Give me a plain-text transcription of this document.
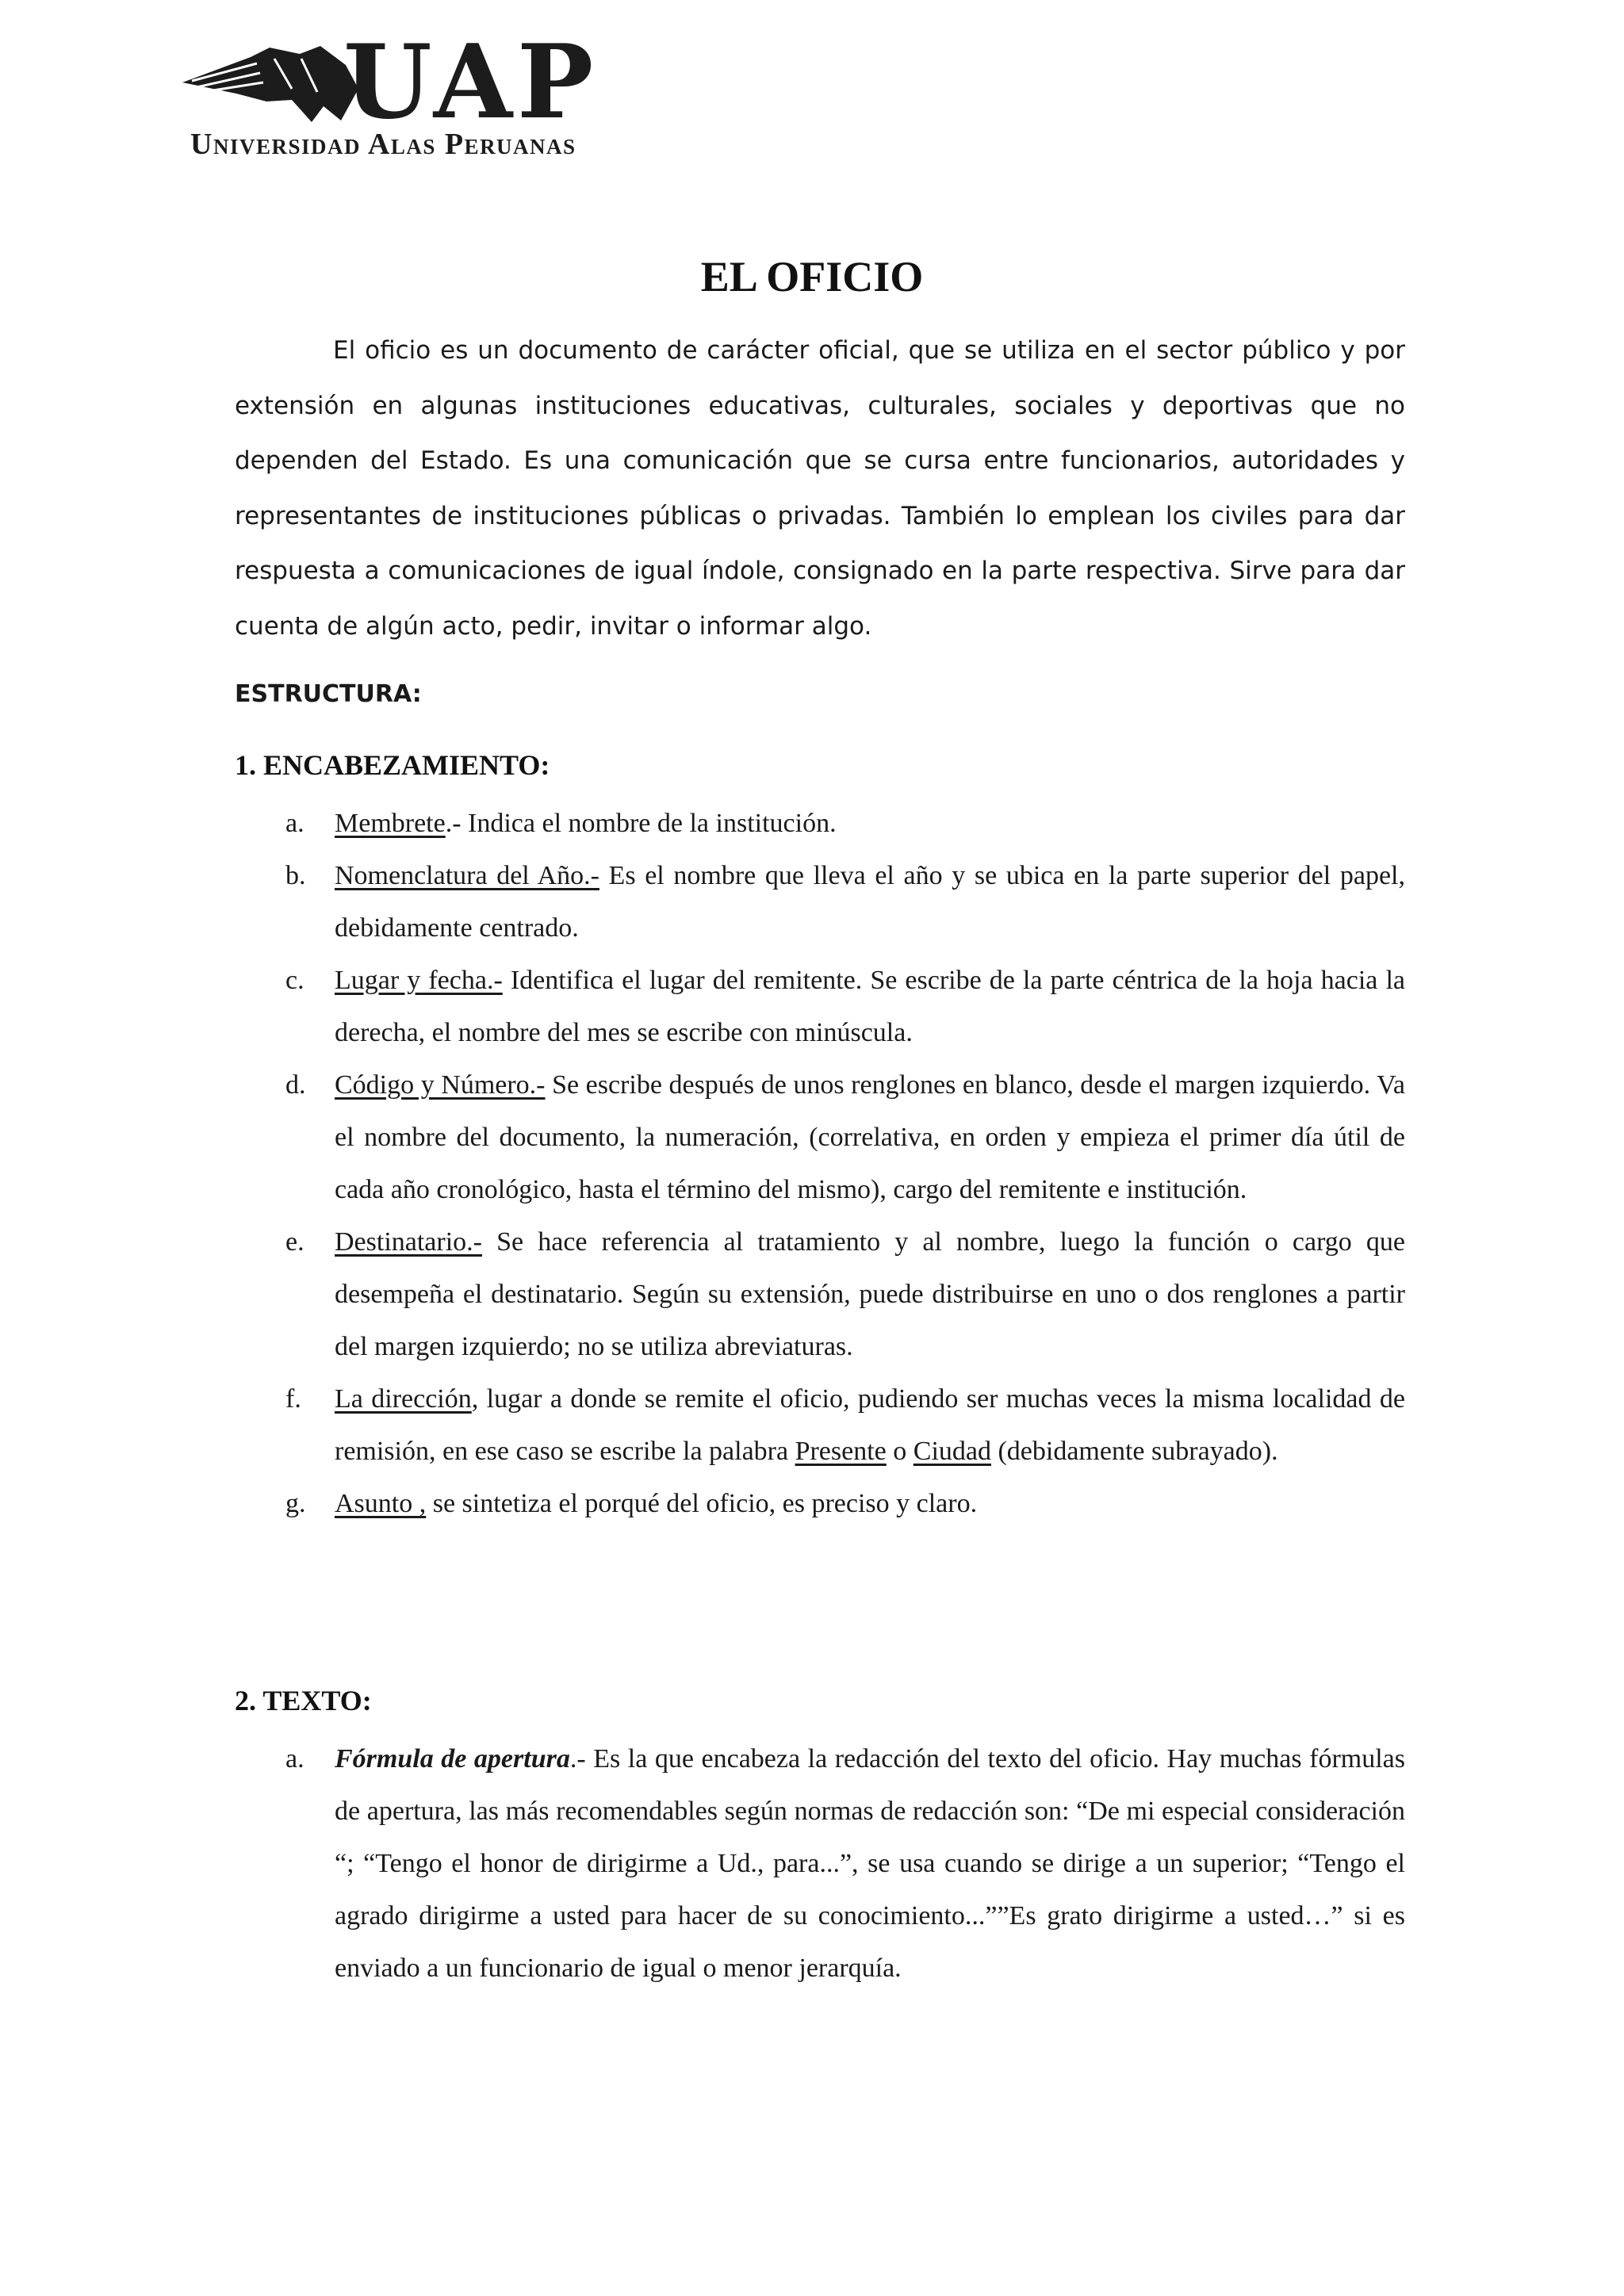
UAP
Universidad Alas Peruanas
EL OFICIO

El oficio es un documento de carácter oficial, que se utiliza en el sector público y por extensión en algunas instituciones educativas, culturales, sociales y deportivas que no dependen del Estado. Es una comunicación que se cursa entre funcionarios, autoridades y representantes de instituciones públicas o privadas. También lo emplean los civiles para dar respuesta a comunicaciones de igual índole, consignado en la parte respectiva. Sirve para dar cuenta de algún acto, pedir, invitar o informar algo.

ESTRUCTURA:

1. ENCABEZAMIENTO:
a. Membrete.- Indica el nombre de la institución.
b. Nomenclatura del Año.- Es el nombre que lleva el año y se ubica en la parte superior del papel, debidamente centrado.
c. Lugar y fecha.- Identifica el lugar del remitente. Se escribe de la parte céntrica de la hoja hacia la derecha, el nombre del mes se escribe con minúscula.
d. Código y Número.- Se escribe después de unos renglones en blanco, desde el margen izquierdo. Va el nombre del documento, la numeración, (correlativa, en orden y empieza el primer día útil de cada año cronológico, hasta el término del mismo), cargo del remitente e institución.
e. Destinatario.- Se hace referencia al tratamiento y al nombre, luego la función o cargo que desempeña el destinatario. Según su extensión, puede distribuirse en uno o dos renglones a partir del margen izquierdo; no se utiliza abreviaturas.
f. La dirección, lugar a donde se remite el oficio, pudiendo ser muchas veces la misma localidad de remisión, en ese caso se escribe la palabra Presente o Ciudad (debidamente subrayado).
g. Asunto , se sintetiza el porqué del oficio, es preciso y claro.
2. TEXTO:
a. Fórmula de apertura.- Es la que encabeza la redacción del texto del oficio. Hay muchas fórmulas de apertura, las más recomendables según normas de redacción son: “De mi especial consideración “; “Tengo el honor de dirigirme a Ud., para...”, se usa cuando se dirige a un superior; “Tengo el agrado dirigirme a usted para hacer de su conocimiento...””Es grato dirigirme a usted…” si es enviado a un funcionario de igual o menor jerarquía.
